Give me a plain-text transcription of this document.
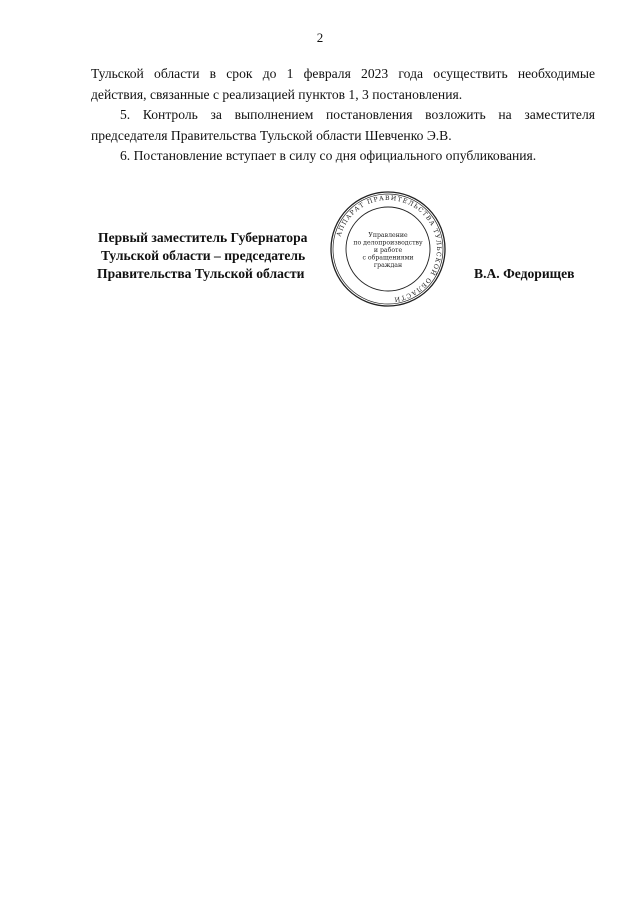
2

Тульской области в срок до 1 февраля 2023 года осуществить необходимые

действия, связанные с реализацией пунктов 1, 3 постановления.

5. Контроль за выполнением постановления возложить на заместителя

председателя Правительства Тульской области Шевченко Э.В.

6. Постановление вступает в силу со дня официального опубликования.

Первый заместитель Губернатора
Тульской области – председатель
Правительства Тульской области	В.А. Федорищев
АППАРАТ ПРАВИТЕЛЬСТВА ТУЛЬСКОЙ ОБЛАСТИ
Управление
по делопроизводству
и работе
с обращениями
граждан
